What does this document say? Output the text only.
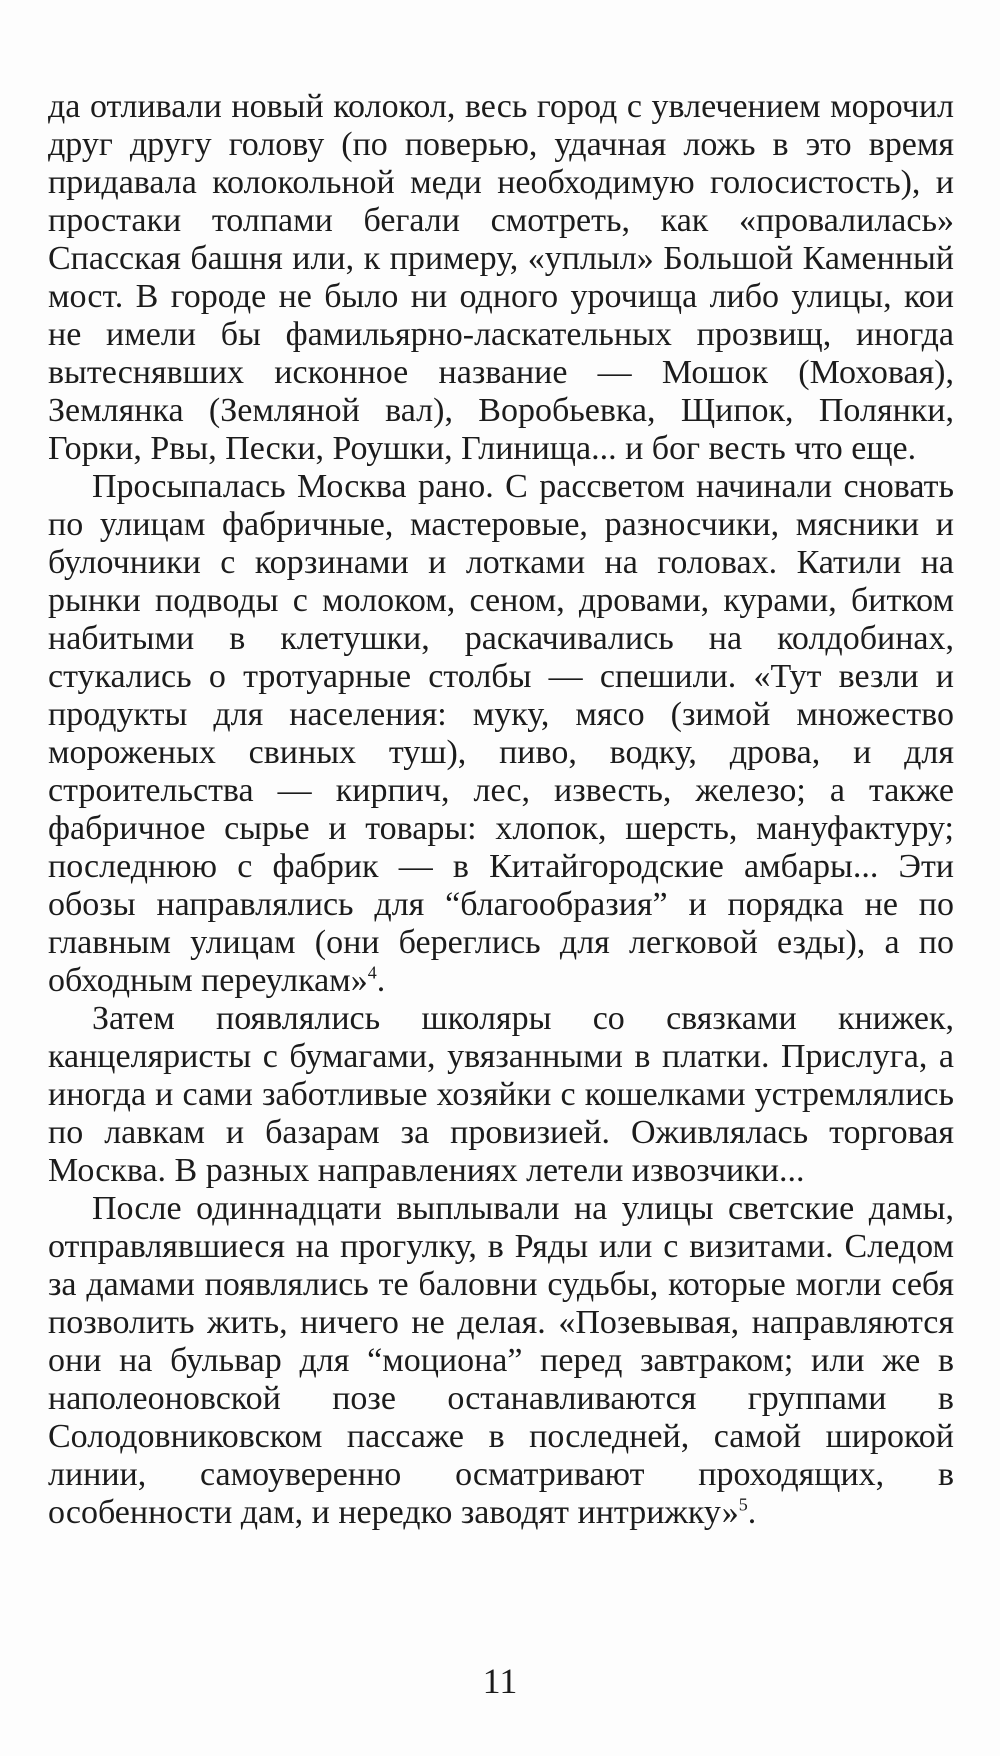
да отливали новый колокол, весь город с увлечением морочил друг другу голову (по поверью, удачная ложь в это время придавала колокольной меди необходимую голосистость), и простаки толпами бегали смотреть, как «провалилась» Спасская башня или, к примеру, «уплыл» Большой Каменный мост. В городе не было ни одного урочища либо улицы, кои не имели бы фамильярно-ласкательных прозвищ, иногда вытеснявших исконное название — Мошок (Моховая), Землянка (Земляной вал), Воробьевка, Щипок, Полянки, Горки, Рвы, Пески, Роушки, Глинища... и бог весть что еще.

Просыпалась Москва рано. С рассветом начинали сновать по улицам фабричные, мастеровые, разносчики, мясники и булочники с корзинами и лотками на головах. Катили на рынки подводы с молоком, сеном, дровами, курами, битком набитыми в клетушки, раскачивались на колдобинах, стукались о тротуарные столбы — спешили. «Тут везли и продукты для населения: муку, мясо (зимой множество мороженых свиных туш), пиво, водку, дрова, и для строительства — кирпич, лес, известь, железо; а также фабричное сырье и товары: хлопок, шерсть, мануфактуру; последнюю с фабрик — в Китайгородские амбары... Эти обозы направлялись для “благообразия” и порядка не по главным улицам (они береглись для легковой езды), а по обходным переулкам»$^4$.

Затем появлялись школяры со связками книжек, канцеляристы с бумагами, увязанными в платки. Прислуга, а иногда и сами заботливые хозяйки с кошелками устремлялись по лавкам и базарам за провизией. Оживлялась торговая Москва. В разных направлениях летели извозчики...

После одиннадцати выплывали на улицы светские дамы, отправлявшиеся на прогулку, в Ряды или с визитами. Следом за дамами появлялись те баловни судьбы, которые могли себя позволить жить, ничего не делая. «Позевывая, направляются они на бульвар для “моциона” перед завтраком; или же в наполеоновской позе останавливаются группами в Солодовниковском пассаже в последней, самой широкой линии, самоуверенно осматривают проходящих, в особенности дам, и нередко заводят интрижку»$^5$.

11
